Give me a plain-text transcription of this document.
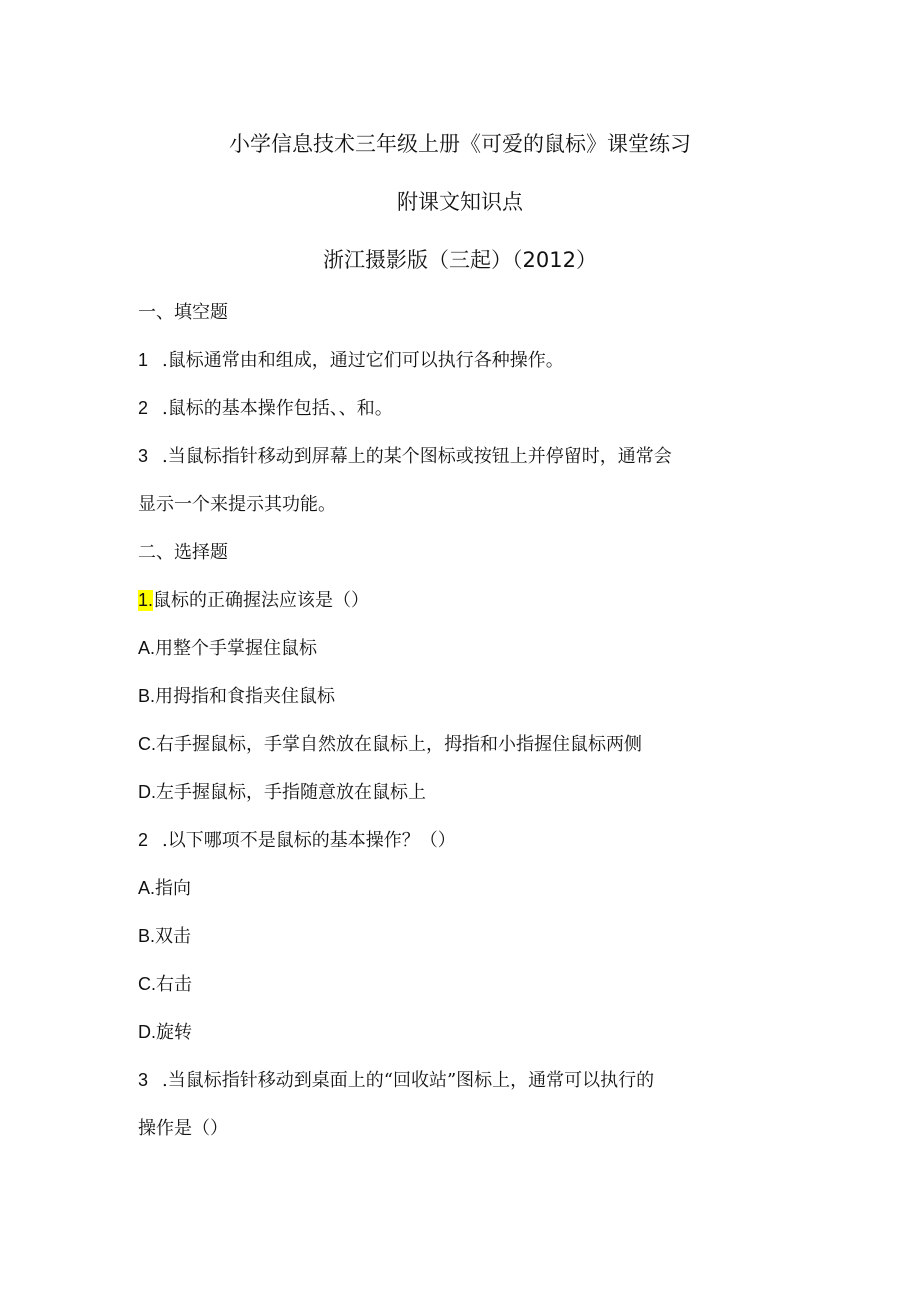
小学信息技术三年级上册《可爱的鼠标》课堂练习
附课文知识点
浙江摄影版（三起）（2012）
一、填空题
1 .鼠标通常由和组成，通过它们可以执行各种操作。
2 .鼠标的基本操作包括、、和。
3 .当鼠标指针移动到屏幕上的某个图标或按钮上并停留时，通常会
显示一个来提示其功能。
二、选择题
1.鼠标的正确握法应该是（）
A.用整个手掌握住鼠标
B.用拇指和食指夹住鼠标
C.右手握鼠标，手掌自然放在鼠标上，拇指和小指握住鼠标两侧
D.左手握鼠标，手指随意放在鼠标上
2 .以下哪项不是鼠标的基本操作？（）
A.指向
B.双击
C.右击
D.旋转
3 .当鼠标指针移动到桌面上的“回收站”图标上，通常可以执行的
操作是（）
